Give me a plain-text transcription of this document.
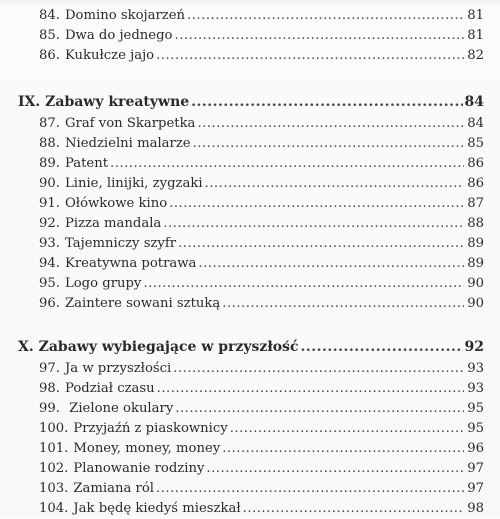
84. Domino skojarzeń .....	81
85. Dwa do jednego .....	81
86. Kukułcze jajo .....	82
IX. Zabawy kreatywne .....	84
87. Graf von Skarpetka .....	84
88. Niedzielni malarze .....	85
89. Patent .....	86
90. Linie, linijki, zygzaki .....	86
91. Ołówkowe kino .....	87
92. Pizza mandala .....	88
93. Tajemniczy szyfr .....	89
94. Kreatywna potrawa .....	89
95. Logo grupy .....	90
96. Zaintere sowani sztuką .....	90
X. Zabawy wybiegające w przyszłość .....	92
97. Ja w przyszłości .....	93
98. Podział czasu .....	93
99. Zielone okulary .....	95
100. Przyjaźń z piaskownicy .....	95
101. Money, money, money .....	96
102. Planowanie rodziny .....	97
103. Zamiana ról .....	97
104. Jak będę kiedyś mieszkał .....	98
